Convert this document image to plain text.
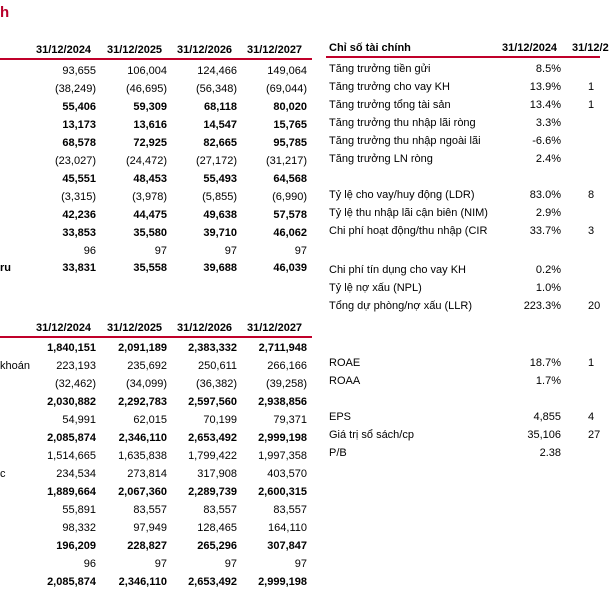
h
31/12/2024 31/12/2025 31/12/2026 31/12/2027
93,655	106,004	124,466	149,064
(38,249)	(46,695)	(56,348)	(69,044)
55,406	59,309	68,118	80,020
13,173	13,616	14,547	15,765
68,578	72,925	82,665	95,785
(23,027)	(24,472)	(27,172)	(31,217)
45,551	48,453	55,493	64,568
(3,315)	(3,978)	(5,855)	(6,990)
42,236	44,475	49,638	57,578
33,853	35,580	39,710	46,062
96	97	97	97
ru	33,831	35,558	39,688	46,039
31/12/2024 31/12/2025 31/12/2026 31/12/2027
1,840,151 2,091,189 2,383,332 2,711,948
khoán 223,193	235,692	250,611	266,166
(32,462)	(34,099)	(36,382)	(39,258)
2,030,882 2,292,783 2,597,560 2,938,856
54,991	62,015	70,199	79,371
2,085,874 2,346,110 2,653,492 2,999,198
1,514,665 1,635,838 1,799,422 1,997,358
c	234,534	273,814	317,908	403,570
1,889,664 2,067,360 2,289,739 2,600,315
55,891	83,557	83,557	83,557
98,332	97,949	128,465	164,110
196,209	228,827	265,296	307,847
96	97	97	97
2,085,874 2,346,110 2,653,492 2,999,198
Chỉ số tài chính	31/12/2024 31/12/2
Tăng trưởng tiền gửi	8.5%
Tăng trưởng cho vay KH	13.9% 1
Tăng trưởng tổng tài sản	13.4% 1
Tăng trưởng thu nhập lãi ròng	3.3%
Tăng trưởng thu nhập ngoài lãi	-6.6%
Tăng trưởng LN ròng	2.4%
Tỷ lệ cho vay/huy động (LDR)	83.0% 8
Tỷ lệ thu nhập lãi cận biên (NIM)	2.9%
Chi phí hoạt động/thu nhập (CIR	33.7% 3
Chi phí tín dụng cho vay KH	0.2%
Tỷ lệ nợ xấu (NPL)	1.0%
Tổng dự phòng/nợ xấu (LLR)	223.3% 20
ROAE	18.7% 1
ROAA	1.7%
EPS	4,855 4
Giá trị sổ sách/cp	35,106 27
P/B	2.38
